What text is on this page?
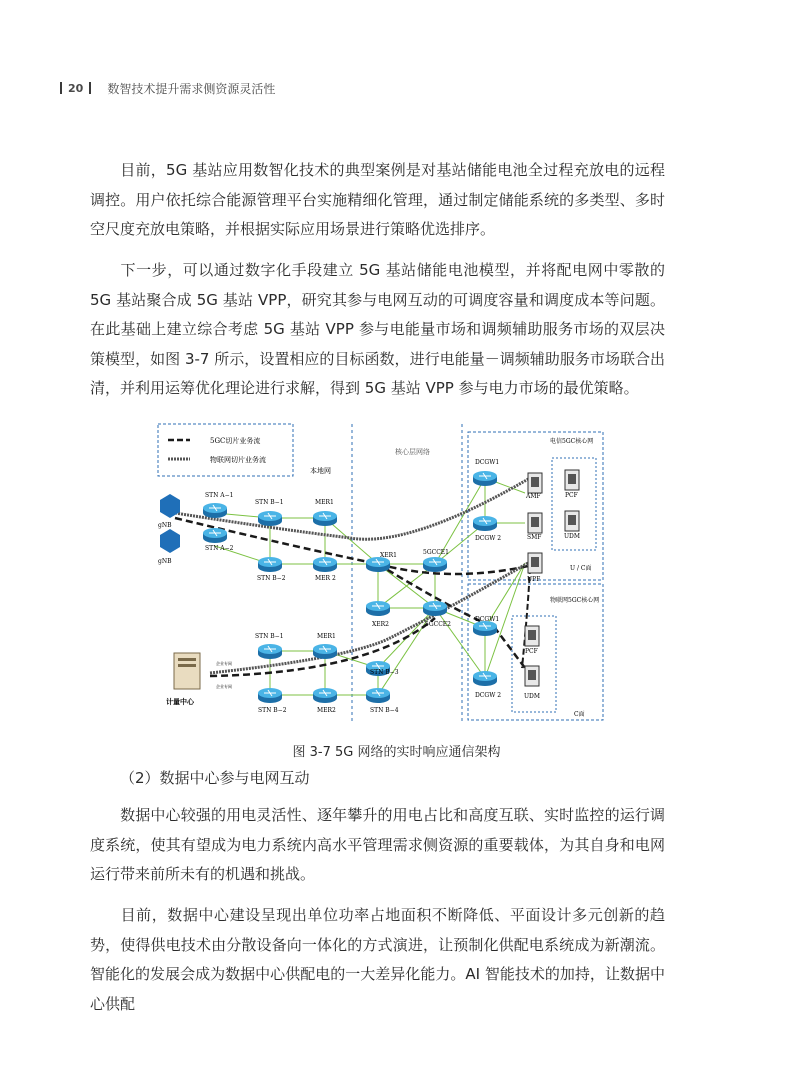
20 数智技术提升需求侧资源灵活性

目前，5G 基站应用数智化技术的典型案例是对基站储能电池全过程充放电的远程调控。用户依托综合能源管理平台实施精细化管理，通过制定储能系统的多类型、多时空尺度充放电策略，并根据实际应用场景进行策略优选排序。

下一步，可以通过数字化手段建立 5G 基站储能电池模型，并将配电网中零散的 5G 基站聚合成 5G 基站 VPP，研究其参与电网互动的可调度容量和调度成本等问题。在此基础上建立综合考虑 5G 基站 VPP 参与电能量市场和调频辅助服务市场的双层决策模型，如图 3-7 所示，设置相应的目标函数，进行电能量－调频辅助服务市场联合出清，并利用运筹优化理论进行求解，得到 5G 基站 VPP 参与电力市场的最优策略。

5GC切片业务流
物联网切片业务流
本地网
核心层网络
电信5GC核心网
物联网5GC核心网
U / C面
C面
gNB
gNB
STN A−1
STN A−2
STN B−1
STN B−2
MER1
MER 2
XER1
XER2
5GCCE1
5GCCE2
STN B−1
STN B−2
MER1
MER2
STN B−3
STN B−4
DCGW1
DCGW 2
DCGW1
DCGW 2
AMF
SMF
UPF
PCF
UDM
PCF
UDM
计量中心
企业专网
企业专网
图 3-7 5G 网络的实时响应通信架构
（2）数据中心参与电网互动

数据中心较强的用电灵活性、逐年攀升的用电占比和高度互联、实时监控的运行调度系统，使其有望成为电力系统内高水平管理需求侧资源的重要载体，为其自身和电网运行带来前所未有的机遇和挑战。

目前，数据中心建设呈现出单位功率占地面积不断降低、平面设计多元创新的趋势，使得供电技术由分散设备向一体化的方式演进，让预制化供配电系统成为新潮流。智能化的发展会成为数据中心供配电的一大差异化能力。AI 智能技术的加持，让数据中心供配
